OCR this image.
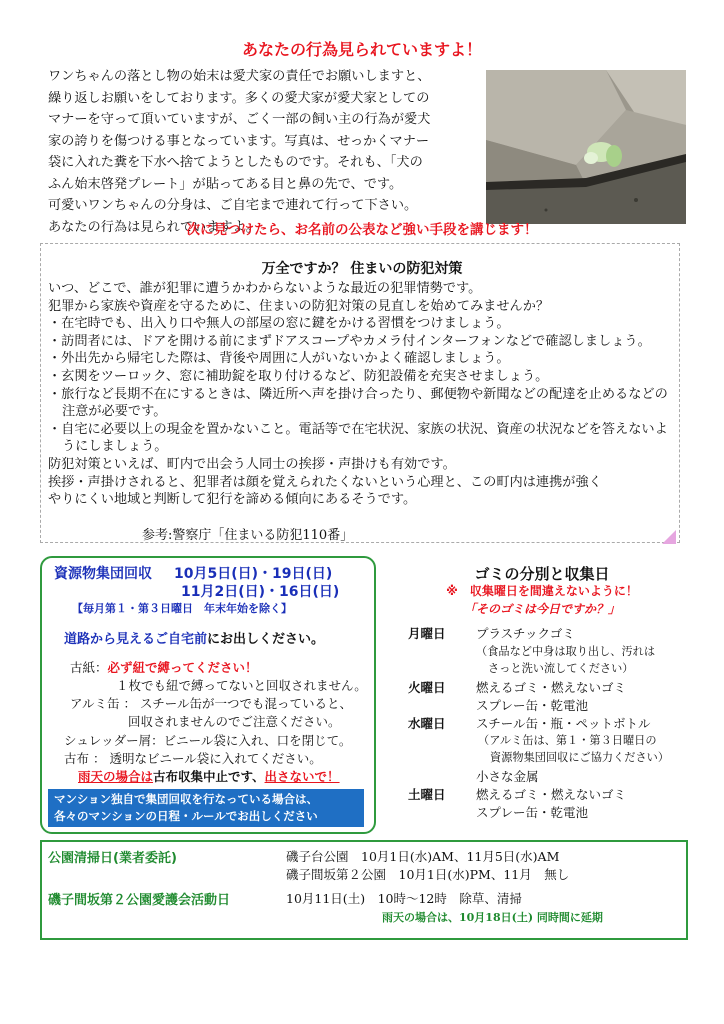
あなたの行為見られていますよ！

ワンちゃんの落とし物の始末は愛犬家の責任でお願いしますと、

繰り返しお願いをしております。多くの愛犬家が愛犬家としての

マナーを守って頂いていますが、ごく一部の飼い主の行為が愛犬

家の誇りを傷つける事となっています。写真は、せっかくマナー

袋に入れた糞を下水へ捨てようとしたものです。それも、「犬の

ふん始末啓発プレート」が貼ってある目と鼻の先で、です。

可愛いワンちゃんの分身は、ご自宅まで連れて行って下さい。

あなたの行為は見られていますよ。

次に見つけたら、お名前の公表など強い手段を講じます！
万全ですか？ 住まいの防犯対策

いつ、どこで、誰が犯罪に遭うかわからないような最近の犯罪情勢です。

犯罪から家族や資産を守るために、住まいの防犯対策の見直しを始めてみませんか？

・在宅時でも、出入り口や無人の部屋の窓に鍵をかける習慣をつけましょう。

・訪問者には、ドアを開ける前にまずドアスコープやカメラ付インターフォンなどで確認しましょう。

・外出先から帰宅した際は、背後や周囲に人がいないかよく確認しましょう。

・玄関をツーロック、窓に補助錠を取り付けるなど、防犯設備を充実させましょう。

・旅行など長期不在にするときは、隣近所へ声を掛け合ったり、郵便物や新聞などの配達を止めるなどの注意が必要です。

・自宅に必要以上の現金を置かないこと。電話等で在宅状況、家族の状況、資産の状況などを答えないようにしましょう。

防犯対策といえば、町内で出会う人同士の挨拶・声掛けも有効です。

挨拶・声掛けされると、犯罪者は顔を覚えられたくないという心理と、この町内は連携が強く

やりにくい地域と判断して犯行を諦める傾向にあるそうです。

参考:警察庁「住まいる防犯110番」
資源物集団回収 10月5日(日)・19日(日)
11月2日(日)・16日(日)
【毎月第１・第３日曜日　年末年始を除く】
道路から見えるご自宅前にお出しください。
古紙：必ず紐で縛ってください！
１枚でも紐で縛ってないと回収されません。
アルミ缶 ： スチール缶が一つでも混っていると、
回収されませんのでご注意ください。
シュレッダー屑：ビニール袋に入れ、口を閉じて。
古布 ： 透明なビニール袋に入れてください。
雨天の場合は古布収集中止です、出さないで！
マンション独自で集団回収を行なっている場合は、
各々のマンションの日程・ルールでお出しください
ゴミの分別と収集日
※　収集曜日を間違えないように！
「そのゴミは今日ですか？」
月曜日 プラスチックゴミ
（食品など中身は取り出し、汚れは
さっと洗い流してください）
火曜日 燃えるゴミ・燃えないゴミ
スプレー缶・乾電池
水曜日 スチール缶・瓶・ペットボトル
（アルミ缶は、第１・第３日曜日の
資源物集団回収にご協力ください）
小さな金属
土曜日 燃えるゴミ・燃えないゴミ
スプレー缶・乾電池
公園清掃日(業者委託)	磯子台公園　10月1日(水)AM、11月5日(水)AM
磯子間坂第２公園　10月1日(水)PM、11月　無し
磯子間坂第２公園愛護会活動日	10月11日(土)　10時～12時　除草、清掃
雨天の場合は、10月18日(土) 同時間に延期
